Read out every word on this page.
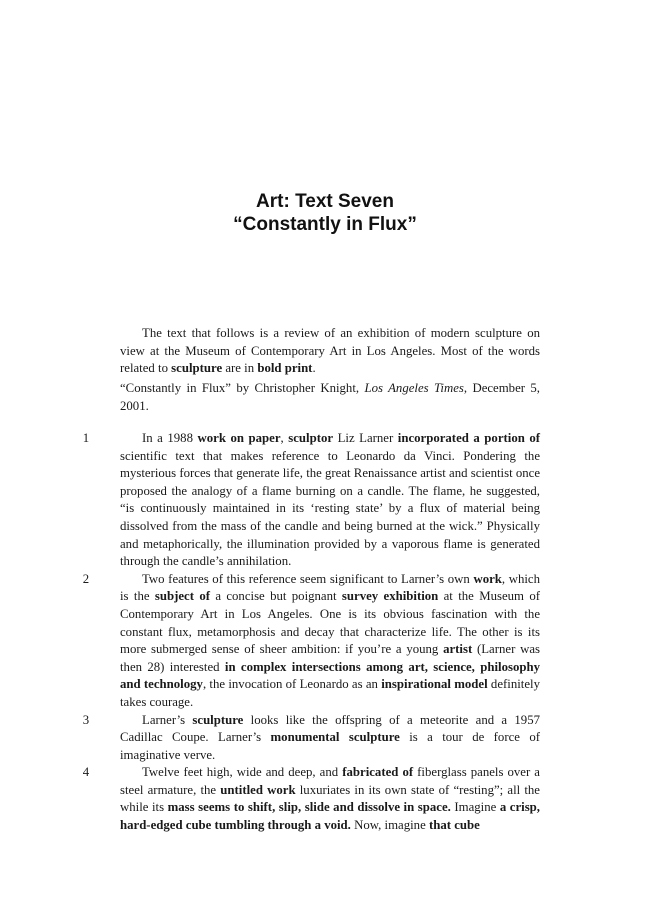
Art: Text Seven
“Constantly in Flux”

The text that follows is a review of an exhibition of modern sculpture on view at the Museum of Contemporary Art in Los Angeles. Most of the words related to sculpture are in bold print.

“Constantly in Flux” by Christopher Knight, Los Angeles Times, December 5, 2001.

1	In a 1988 work on paper, sculptor Liz Larner incorporated a portion of scientific text that makes reference to Leonardo da Vinci. Pondering the mysterious forces that generate life, the great Renaissance artist and scientist once proposed the analogy of a flame burning on a candle. The flame, he suggested, “is continuously maintained in its ‘resting state’ by a flux of material being dissolved from the mass of the candle and being burned at the wick.” Physically and metaphorically, the illumination provided by a vaporous flame is generated through the candle’s annihilation.

2	Two features of this reference seem significant to Larner’s own work, which is the subject of a concise but poignant survey exhibition at the Museum of Contemporary Art in Los Angeles. One is its obvious fascination with the constant flux, metamorphosis and decay that characterize life. The other is its more submerged sense of sheer ambition: if you’re a young artist (Larner was then 28) interested in complex intersections among art, science, philosophy and technology, the invocation of Leonardo as an inspirational model definitely takes courage.

3	Larner’s sculpture looks like the offspring of a meteorite and a 1957 Cadillac Coupe. Larner’s monumental sculpture is a tour de force of imaginative verve.

4	Twelve feet high, wide and deep, and fabricated of fiberglass panels over a steel armature, the untitled work luxuriates in its own state of “resting”; all the while its mass seems to shift, slip, slide and dissolve in space. Imagine a crisp, hard-edged cube tumbling through a void. Now, imagine that cube
